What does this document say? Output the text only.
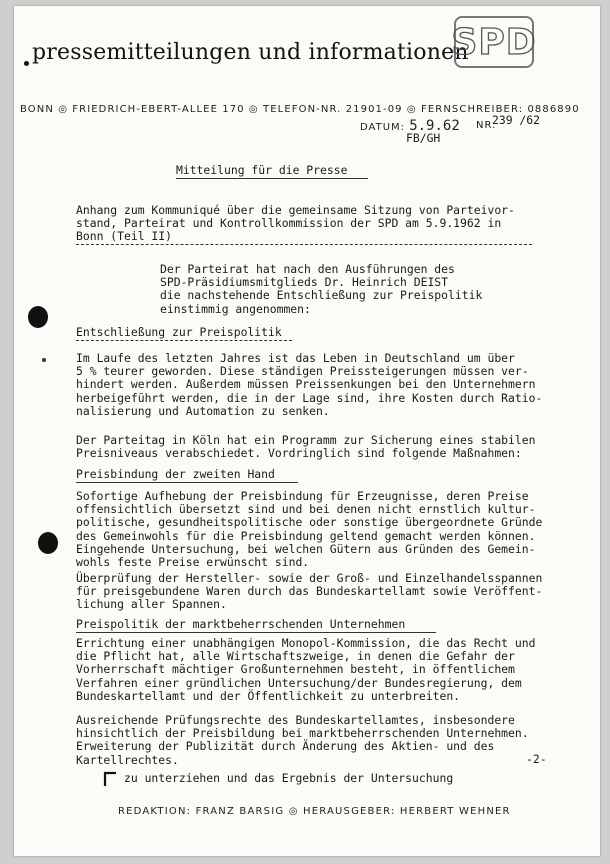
pressemitteilungen und informationen
SPD
BONN ◎ FRIEDRICH-EBERT-ALLEE 170 ◎ TELEFON-NR. 21901-09 ◎ FERNSCHREIBER: 0886890
DATUM: 5.9.62 NR.
239 /62
FB/GH
Mitteilung für die Presse
Anhang zum Kommuniqué über die gemeinsame Sitzung von Parteivor-
stand, Parteirat und Kontrollkommission der SPD am 5.9.1962 in
Bonn (Teil II)
Der Parteirat hat nach den Ausführungen des
SPD-Präsidiumsmitglieds Dr. Heinrich DEIST
die nachstehende Entschließung zur Preispolitik
einstimmig angenommen:
Entschließung zur Preispolitik
Im Laufe des letzten Jahres ist das Leben in Deutschland um über
5 % teurer geworden. Diese ständigen Preissteigerungen müssen ver-
hindert werden. Außerdem müssen Preissenkungen bei den Unternehmern
herbeigeführt werden, die in der Lage sind, ihre Kosten durch Ratio-
nalisierung und Automation zu senken.
Der Parteitag in Köln hat ein Programm zur Sicherung eines stabilen
Preisniveaus verabschiedet. Vordringlich sind folgende Maßnahmen:
Preisbindung der zweiten Hand
Sofortige Aufhebung der Preisbindung für Erzeugnisse, deren Preise
offensichtlich übersetzt sind und bei denen nicht ernstlich kultur-
politische, gesundheitspolitische oder sonstige übergeordnete Gründe
des Gemeinwohls für die Preisbindung geltend gemacht werden können.
Eingehende Untersuchung, bei welchen Gütern aus Gründen des Gemein-
wohls feste Preise erwünscht sind.
Überprüfung der Hersteller- sowie der Groß- und Einzelhandelsspannen
für preisgebundene Waren durch das Bundeskartellamt sowie Veröffent-
lichung aller Spannen.
Preispolitik der marktbeherrschenden Unternehmen
Errichtung einer unabhängigen Monopol-Kommission, die das Recht und
die Pflicht hat, alle Wirtschaftszweige, in denen die Gefahr der
Vorherrschaft mächtiger Großunternehmen besteht, in öffentlichem
Verfahren einer gründlichen Untersuchung/der Bundesregierung, dem
Bundeskartellamt und der Öffentlichkeit zu unterbreiten.
Ausreichende Prüfungsrechte des Bundeskartellamtes, insbesondere
hinsichtlich der Preisbildung bei marktbeherrschenden Unternehmen.
Erweiterung der Publizität durch Änderung des Aktien- und des
Kartellrechtes.	-2-
zu unterziehen und das Ergebnis der Untersuchung
REDAKTION: FRANZ BARSIG ◎ HERAUSGEBER: HERBERT WEHNER
